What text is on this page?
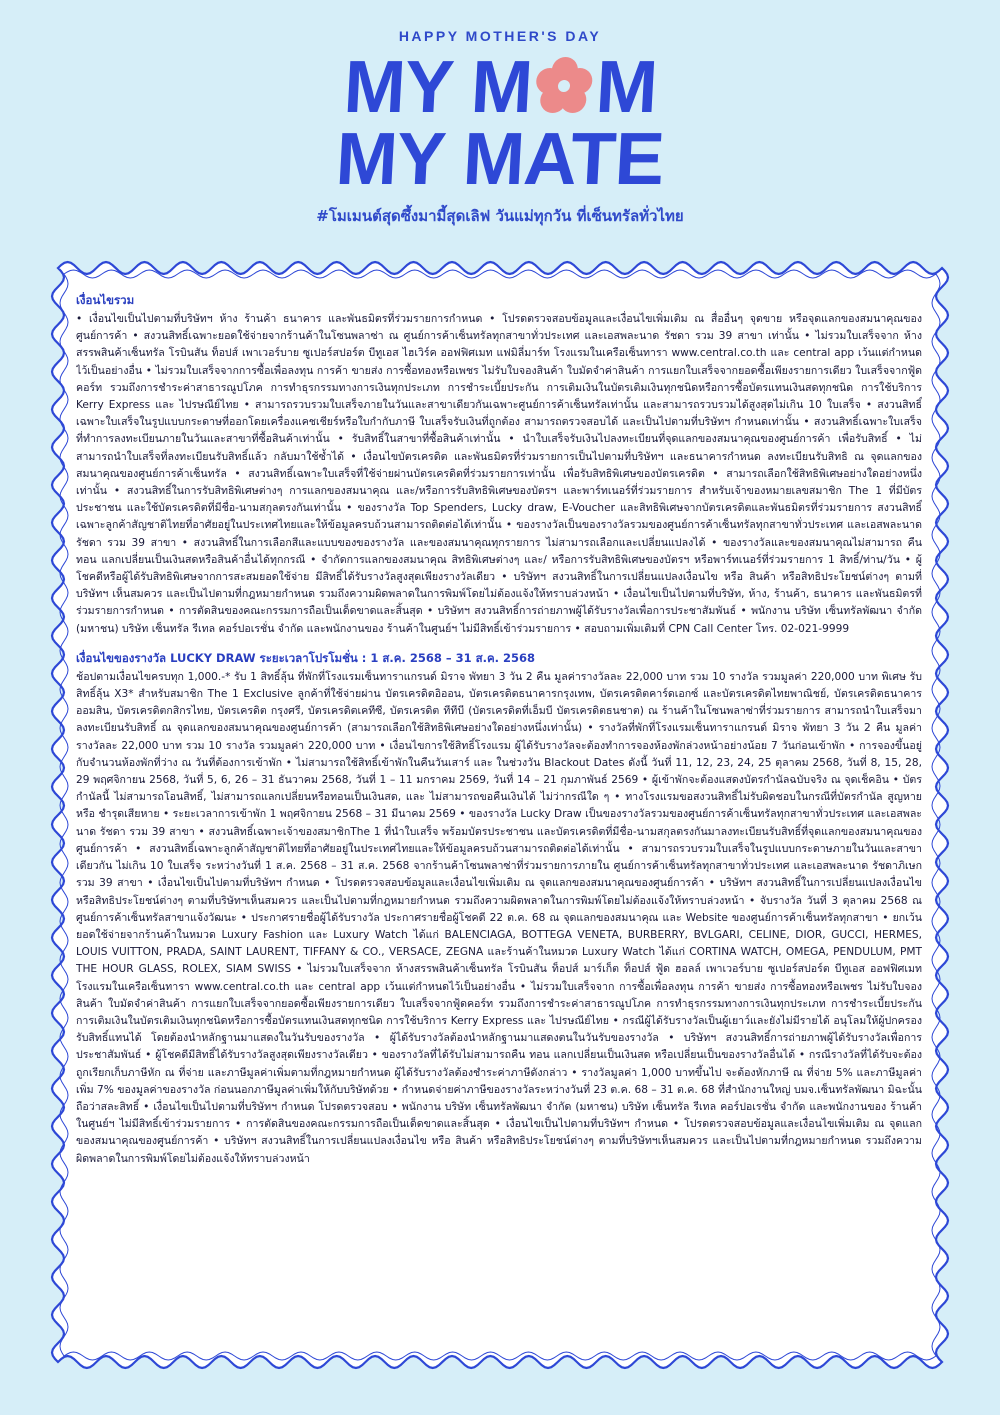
HAPPY MOTHER'S DAY
MY M M
MY MATE
#โมเมนต์สุดซึ้งมามี้สุดเลิฟ วันแม่ทุกวัน ที่เซ็นทรัลทั่วไทย
เงื่อนไขรวม
• เงื่อนไขเป็นไปตามที่บริษัทฯ ห้าง ร้านค้า ธนาคาร และพันธมิตรที่ร่วมรายการกำหนด • โปรดตรวจสอบข้อมูลและเงื่อนไขเพิ่มเติม ณ สื่ออื่นๆ จุดขาย หรือจุดแลกของสมนาคุณของศูนย์การค้า • สงวนสิทธิ์เฉพาะยอดใช้จ่ายจากร้านค้าในโซนพลาซ่า ณ ศูนย์การค้าเซ็นทรัลทุกสาขาทั่วประเทศ และเอสพละนาด รัชดา รวม 39 สาขา เท่านั้น • ไม่รวมใบเสร็จจาก ห้างสรรพสินค้าเซ็นทรัล โรบินสัน ท็อปส์ เพาเวอร์บาย ซูเปอร์สปอร์ต บีทูเอส ไฮเวิร์ค ออฟฟิศเมท แฟมิลี่มาร์ท โรงแรมในเครือเซ็นทารา www.central.co.th และ central app เว้นแต่กำหนดไว้เป็นอย่างอื่น • ไม่รวมใบเสร็จจากการซื้อเพื่อลงทุน การค้า ขายส่ง การซื้อทองหรือเพชร ไม่รับใบจองสินค้า ใบมัดจำค่าสินค้า การแยกใบเสร็จจากยอดซื้อเพียงรายการเดียว ใบเสร็จจากฟู้ดคอร์ท รวมถึงการชำระค่าสาธารณูปโภค การทำธุรกรรมทางการเงินทุกประเภท การชำระเบี้ยประกัน การเติมเงินในบัตรเติมเงินทุกชนิดหรือการซื้อบัตรแทนเงินสดทุกชนิด การใช้บริการ Kerry Express และ ไปรษณีย์ไทย • สามารถรวบรวมใบเสร็จภายในวันและสาขาเดียวกันเฉพาะศูนย์การค้าเซ็นทรัลเท่านั้น และสามารถรวบรวมได้สูงสุดไม่เกิน 10 ใบเสร็จ • สงวนสิทธิ์เฉพาะใบเสร็จในรูปแบบกระดาษที่ออกโดยเครื่องแคชเชียร์หรือใบกำกับภาษี ใบเสร็จรับเงินที่ถูกต้อง สามารถตรวจสอบได้ และเป็นไปตามที่บริษัทฯ กำหนดเท่านั้น • สงวนสิทธิ์เฉพาะใบเสร็จที่ทำการลงทะเบียนภายในวันและสาขาที่ซื้อสินค้าเท่านั้น • รับสิทธิ์ในสาขาที่ซื้อสินค้าเท่านั้น • นำใบเสร็จรับเงินไปลงทะเบียนที่จุดแลกของสมนาคุณของศูนย์การค้า เพื่อรับสิทธิ์ • ไม่สามารถนำใบเสร็จที่ลงทะเบียนรับสิทธิ์แล้ว กลับมาใช้ซ้ำได้ • เงื่อนไขบัตรเครดิต และพันธมิตรที่ร่วมรายการเป็นไปตามที่บริษัทฯ และธนาคารกำหนด ลงทะเบียนรับสิทธิ ณ จุดแลกของสมนาคุณของศูนย์การค้าเซ็นทรัล • สงวนสิทธิ์เฉพาะใบเสร็จที่ใช้จ่ายผ่านบัตรเครดิตที่ร่วมรายการเท่านั้น เพื่อรับสิทธิพิเศษของบัตรเครดิต • สามารถเลือกใช้สิทธิพิเศษอย่างใดอย่างหนึ่งเท่านั้น • สงวนสิทธิ์ในการรับสิทธิพิเศษต่างๆ การแลกของสมนาคุณ และ/หรือการรับสิทธิพิเศษของบัตรฯ และพาร์ทเนอร์ที่ร่วมรายการ สำหรับเจ้าของหมายเลขสมาชิก The 1 ที่มีบัตรประชาชน และใช้บัตรเครดิตที่มีชื่อ-นามสกุลตรงกันเท่านั้น • ของรางวัล Top Spenders, Lucky draw, E-Voucher และสิทธิพิเศษจากบัตรเครดิตและพันธมิตรที่ร่วมรายการ สงวนสิทธิ์เฉพาะลูกค้าสัญชาติไทยที่อาศัยอยู่ในประเทศไทยและให้ข้อมูลครบถ้วนสามารถติดต่อได้เท่านั้น • ของรางวัลเป็นของรางวัลรวมของศูนย์การค้าเซ็นทรัลทุกสาขาทั่วประเทศ และเอสพละนาด รัชดา รวม 39 สาขา • สงวนสิทธิ์ในการเลือกสีและแบบของของรางวัล และของสมนาคุณทุกรายการ ไม่สามารถเลือกและเปลี่ยนแปลงได้ • ของรางวัลและของสมนาคุณไม่สามารถ คืน ทอน แลกเปลี่ยนเป็นเงินสดหรือสินค้าอื่นได้ทุกกรณี • จำกัดการแลกของสมนาคุณ สิทธิพิเศษต่างๆ และ/ หรือการรับสิทธิพิเศษของบัตรฯ หรือพาร์ทเนอร์ที่ร่วมรายการ 1 สิทธิ์/ท่าน/วัน • ผู้โชคดีหรือผู้ได้รับสิทธิพิเศษจากการสะสมยอดใช้จ่าย มีสิทธิ์ได้รับรางวัลสูงสุดเพียงรางวัลเดียว • บริษัทฯ สงวนสิทธิ์ในการเปลี่ยนแปลงเงื่อนไข หรือ สินค้า หรือสิทธิประโยชน์ต่างๆ ตามที่บริษัทฯ เห็นสมควร และเป็นไปตามที่กฎหมายกำหนด รวมถึงความผิดพลาดในการพิมพ์โดยไม่ต้องแจ้งให้ทราบล่วงหน้า • เงื่อนไขเป็นไปตามที่บริษัท, ห้าง, ร้านค้า, ธนาคาร และพันธมิตรที่ร่วมรายการกำหนด • การตัดสินของคณะกรรมการถือเป็นเด็ดขาดและสิ้นสุด • บริษัทฯ สงวนสิทธิ์การถ่ายภาพผู้ได้รับรางวัลเพื่อการประชาสัมพันธ์ • พนักงาน บริษัท เซ็นทรัลพัฒนา จำกัด (มหาชน) บริษัท เซ็นทรัล รีเทล คอร์ปอเรชั่น จำกัด และพนักงานของ ร้านค้าในศูนย์ฯ ไม่มีสิทธิ์เข้าร่วมรายการ • สอบถามเพิ่มเติมที่ CPN Call Center โทร. 02-021-9999
เงื่อนไขของรางวัล LUCKY DRAW ระยะเวลาโปรโมชั่น : 1 ส.ค. 2568 – 31 ส.ค. 2568
ช้อปตามเงื่อนไขครบทุก 1,000.-* รับ 1 สิทธิ์ลุ้น ที่พักที่โรงแรมเซ็นทาราแกรนด์ มิราจ พัทยา 3 วัน 2 คืน มูลค่ารางวัลละ 22,000 บาท รวม 10 รางวัล รวมมูลค่า 220,000 บาท พิเศษ รับสิทธิ์ลุ้น X3* สำหรับสมาชิก The 1 Exclusive ลูกค้าที่ใช้จ่ายผ่าน บัตรเครดิตอิออน, บัตรเครดิตธนาคารกรุงเทพ, บัตรเครดิตคาร์ดเอกซ์ และบัตรเครดิตไทยพาณิชย์, บัตรเครดิตธนาคารออมสิน, บัตรเครดิตกสิกรไทย, บัตรเครดิต กรุงศรี, บัตรเครดิตเคทีซี, บัตรเครดิต ทีทีบี (บัตรเครดิตที่เอ็มบี บัตรเครดิตธนชาต) ณ ร้านค้าในโซนพลาซ่าที่ร่วมรายการ สามารถนำใบเสร็จมาลงทะเบียนรับสิทธิ์ ณ จุดแลกของสมนาคุณของศูนย์การค้า (สามารถเลือกใช้สิทธิพิเศษอย่างใดอย่างหนึ่งเท่านั้น) • รางวัลที่พักที่โรงแรมเซ็นทาราแกรนด์ มิราจ พัทยา 3 วัน 2 คืน มูลค่ารางวัลละ 22,000 บาท รวม 10 รางวัล รวมมูลค่า 220,000 บาท • เงื่อนไขการใช้สิทธิ์โรงแรม ผู้ได้รับรางวัลจะต้องทำการจองห้องพักล่วงหน้าอย่างน้อย 7 วันก่อนเข้าพัก • การจองขึ้นอยู่กับจำนวนห้องพักที่ว่าง ณ วันที่ต้องการเข้าพัก • ไม่สามารถใช้สิทธิ์เข้าพักในคืนวันเสาร์ และ ในช่วงวัน Blackout Dates ดังนี้ วันที่ 11, 12, 23, 24, 25 ตุลาคม 2568, วันที่ 8, 15, 28, 29 พฤศจิกายน 2568, วันที่ 5, 6, 26 – 31 ธันวาคม 2568, วันที่ 1 – 11 มกราคม 2569, วันที่ 14 – 21 กุมภาพันธ์ 2569 • ผู้เข้าพักจะต้องแสดงบัตรกำนัลฉบับจริง ณ จุดเช็คอิน • บัตรกำนัลนี้ ไม่สามารถโอนสิทธิ์, ไม่สามารถแลกเปลี่ยนหรือทอนเป็นเงินสด, และ ไม่สามารถขอคืนเงินได้ ไม่ว่ากรณีใด ๆ • ทางโรงแรมขอสงวนสิทธิ์ไม่รับผิดชอบในกรณีที่บัตรกำนัล สูญหาย หรือ ชำรุดเสียหาย • ระยะเวลาการเข้าพัก 1 พฤศจิกายน 2568 – 31 มีนาคม 2569 • ของรางวัล Lucky Draw เป็นของรางวัลรวมของศูนย์การค้าเซ็นทรัลทุกสาขาทั่วประเทศ และเอสพละนาด รัชดา รวม 39 สาขา • สงวนสิทธิ์เฉพาะเจ้าของสมาชิกThe 1 ที่นำใบเสร็จ พร้อมบัตรประชาชน และบัตรเครดิตที่มีชื่อ-นามสกุลตรงกันมาลงทะเบียนรับสิทธิ์ที่จุดแลกของสมนาคุณของศูนย์การค้า • สงวนสิทธิ์เฉพาะลูกค้าสัญชาติไทยที่อาศัยอยู่ในประเทศไทยและให้ข้อมูลครบถ้วนสามารถติดต่อได้เท่านั้น • สามารถรวบรวมใบเสร็จในรูปแบบกระดาษภายในวันและสาขาเดียวกัน ไม่เกิน 10 ใบเสร็จ ระหว่างวันที่ 1 ส.ค. 2568 – 31 ส.ค. 2568 จากร้านค้าโซนพลาซ่าที่ร่วมรายการภายใน ศูนย์การค้าเซ็นทรัลทุกสาขาทั่วประเทศ และเอสพละนาด รัชดาภิเษก รวม 39 สาขา • เงื่อนไขเป็นไปตามที่บริษัทฯ กำหนด • โปรดตรวจสอบข้อมูลและเงื่อนไขเพิ่มเติม ณ จุดแลกของสมนาคุณของศูนย์การค้า • บริษัทฯ สงวนสิทธิ์ในการเปลี่ยนแปลงเงื่อนไขหรือสิทธิประโยชน์ต่างๆ ตามที่บริษัทฯเห็นสมควร และเป็นไปตามที่กฎหมายกำหนด รวมถึงความผิดพลาดในการพิมพ์โดยไม่ต้องแจ้งให้ทราบล่วงหน้า • จับรางวัล วันที่ 3 ตุลาคม 2568 ณ ศูนย์การค้าเซ็นทรัลสาขาแจ้งวัฒนะ • ประกาศรายชื่อผู้ได้รับรางวัล ประกาศรายชื่อผู้โชคดี 22 ต.ค. 68 ณ จุดแลกของสมนาคุณ และ Website ของศูนย์การค้าเซ็นทรัลทุกสาขา • ยกเว้นยอดใช้จ่ายจากร้านค้าในหมวด Luxury Fashion และ Luxury Watch ได้แก่ BALENCIAGA, BOTTEGA VENETA, BURBERRY, BVLGARI, CELINE, DIOR, GUCCI, HERMES, LOUIS VUITTON, PRADA, SAINT LAURENT, TIFFANY & CO., VERSACE, ZEGNA และร้านค้าในหมวด Luxury Watch ได้แก่ CORTINA WATCH, OMEGA, PENDULUM, PMT THE HOUR GLASS, ROLEX, SIAM SWISS • ไม่รวมใบเสร็จจาก ห้างสรรพสินค้าเซ็นทรัล โรบินสัน ท็อปส์ มาร์เก็ต ท็อปส์ ฟู้ด ฮอลล์ เพาเวอร์บาย ซูเปอร์สปอร์ต บีทูเอส ออฟฟิศเมท โรงแรมในเครือเซ็นทารา www.central.co.th และ central app เว้นแต่กำหนดไว้เป็นอย่างอื่น • ไม่รวมใบเสร็จจาก การซื้อเพื่อลงทุน การค้า ขายส่ง การซื้อทองหรือเพชร ไม่รับใบจองสินค้า ใบมัดจำค่าสินค้า การแยกใบเสร็จจากยอดซื้อเพียงรายการเดียว ใบเสร็จจากฟู้ดคอร์ท รวมถึงการชำระค่าสาธารณูปโภค การทำธุรกรรมทางการเงินทุกประเภท การชำระเบี้ยประกัน การเติมเงินในบัตรเติมเงินทุกชนิดหรือการซื้อบัตรแทนเงินสดทุกชนิด การใช้บริการ Kerry Express และ ไปรษณีย์ไทย • กรณีผู้ได้รับรางวัลเป็นผู้เยาว์และยังไม่มีรายได้ อนุโลมให้ผู้ปกครองรับสิทธิ์แทนได้ โดยต้องนำหลักฐานมาแสดงในวันรับของรางวัล • ผู้ได้รับรางวัลต้องนำหลักฐานมาแสดงตนในวันรับของรางวัล • บริษัทฯ สงวนสิทธิ์การถ่ายภาพผู้ได้รับรางวัลเพื่อการประชาสัมพันธ์ • ผู้โชคดีมีสิทธิ์ได้รับรางวัลสูงสุดเพียงรางวัลเดียว • ของรางวัลที่ได้รับไม่สามารถคืน ทอน แลกเปลี่ยนเป็นเงินสด หรือเปลี่ยนเป็นของรางวัลอื่นได้ • กรณีรางวัลที่ได้รับจะต้องถูกเรียกเก็บภาษีหัก ณ ที่จ่าย และภาษีมูลค่าเพิ่มตามที่กฎหมายกำหนด ผู้ได้รับรางวัลต้องชำระค่าภาษีดังกล่าว • รางวัลมูลค่า 1,000 บาทขึ้นไป จะต้องหักภาษี ณ ที่จ่าย 5% และภาษีมูลค่าเพิ่ม 7% ของมูลค่าของรางวัล ก่อนนอกภาษีมูลค่าเพิ่มให้กับบริษัทด้วย • กำหนดจ่ายค่าภาษีของรางวัลระหว่างวันที่ 23 ต.ค. 68 – 31 ต.ค. 68 ที่สำนักงานใหญ่ บมจ.เซ็นทรัลพัฒนา มิฉะนั้นถือว่าสละสิทธิ์ • เงื่อนไขเป็นไปตามที่บริษัทฯ กำหนด โปรดตรวจสอบ • พนักงาน บริษัท เซ็นทรัลพัฒนา จำกัด (มหาชน) บริษัท เซ็นทรัล รีเทล คอร์ปอเรชั่น จำกัด และพนักงานของ ร้านค้าในศูนย์ฯ ไม่มีสิทธิ์เข้าร่วมรายการ • การตัดสินของคณะกรรมการถือเป็นเด็ดขาดและสิ้นสุด • เงื่อนไขเป็นไปตามที่บริษัทฯ กำหนด • โปรดตรวจสอบข้อมูลและเงื่อนไขเพิ่มเติม ณ จุดแลกของสมนาคุณของศูนย์การค้า • บริษัทฯ สงวนสิทธิ์ในการเปลี่ยนแปลงเงื่อนไข หรือ สินค้า หรือสิทธิประโยชน์ต่างๆ ตามที่บริษัทฯเห็นสมควร และเป็นไปตามที่กฎหมายกำหนด รวมถึงความผิดพลาดในการพิมพ์โดยไม่ต้องแจ้งให้ทราบล่วงหน้า
